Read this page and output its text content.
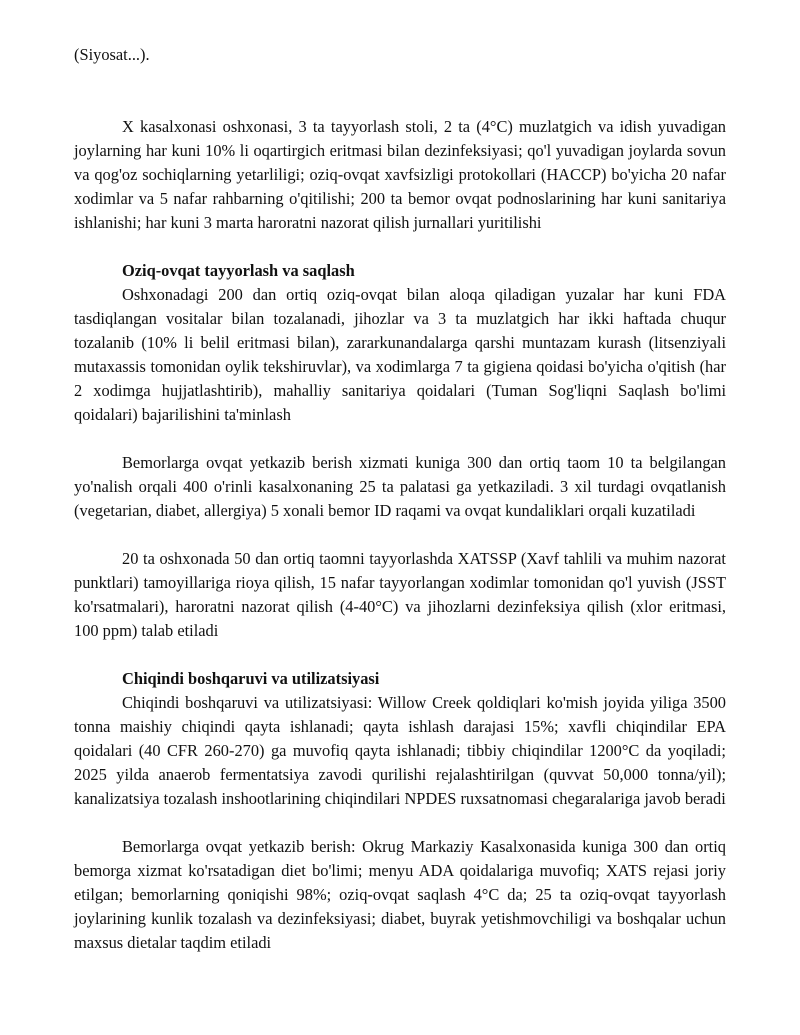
(Siyosat...).

X kasalxonasi oshxonasi, 3 ta tayyorlash stoli, 2 ta (4°C) muzlatgich va idish yuvadigan joylarning har kuni 10% li oqartirgich eritmasi bilan dezinfeksiyasi; qo'l yuvadigan joylarda sovun va qog'oz sochiqlarning yetarliligi; oziq-ovqat xavfsizligi protokollari (HACCP) bo'yicha 20 nafar xodimlar va 5 nafar rahbarning o'qitilishi; 200 ta bemor ovqat podnoslarining har kuni sanitariya ishlanishi; har kuni 3 marta haroratni nazorat qilish jurnallari yuritilishi

Oziq-ovqat tayyorlash va saqlash

Oshxonadagi 200 dan ortiq oziq-ovqat bilan aloqa qiladigan yuzalar har kuni FDA tasdiqlangan vositalar bilan tozalanadi, jihozlar va 3 ta muzlatgich har ikki haftada chuqur tozalanib (10% li belil eritmasi bilan), zararkunandalarga qarshi muntazam kurash (litsenziyali mutaxassis tomonidan oylik tekshiruvlar), va xodimlarga 7 ta gigiena qoidasi bo'yicha o'qitish (har 2 xodimga hujjatlashtirib), mahalliy sanitariya qoidalari (Tuman Sog'liqni Saqlash bo'limi qoidalari) bajarilishini ta'minlash

Bemorlarga ovqat yetkazib berish xizmati kuniga 300 dan ortiq taom 10 ta belgilangan yo'nalish orqali 400 o'rinli kasalxonaning 25 ta palatasi ga yetkaziladi. 3 xil turdagi ovqatlanish (vegetarian, diabet, allergiya) 5 xonali bemor ID raqami va ovqat kundaliklari orqali kuzatiladi

20 ta oshxonada 50 dan ortiq taomni tayyorlashda XATSSP (Xavf tahlili va muhim nazorat punktlari) tamoyillariga rioya qilish, 15 nafar tayyorlangan xodimlar tomonidan qo'l yuvish (JSST ko'rsatmalari), haroratni nazorat qilish (4-40°C) va jihozlarni dezinfeksiya qilish (xlor eritmasi, 100 ppm) talab etiladi

Chiqindi boshqaruvi va utilizatsiyasi

Chiqindi boshqaruvi va utilizatsiyasi: Willow Creek qoldiqlari ko'mish joyida yiliga 3500 tonna maishiy chiqindi qayta ishlanadi; qayta ishlash darajasi 15%; xavfli chiqindilar EPA qoidalari (40 CFR 260-270) ga muvofiq qayta ishlanadi; tibbiy chiqindilar 1200°C da yoqiladi; 2025 yilda anaerob fermentatsiya zavodi qurilishi rejalashtirilgan (quvvat 50,000 tonna/yil); kanalizatsiya tozalash inshootlarining chiqindilari NPDES ruxsatnomasi chegaralariga javob beradi

Bemorlarga ovqat yetkazib berish: Okrug Markaziy Kasalxonasida kuniga 300 dan ortiq bemorga xizmat ko'rsatadigan diet bo'limi; menyu ADA qoidalariga muvofiq; XATS rejasi joriy etilgan; bemorlarning qoniqishi 98%; oziq-ovqat saqlash 4°C da; 25 ta oziq-ovqat tayyorlash joylarining kunlik tozalash va dezinfeksiyasi; diabet, buyrak yetishmovchiligi va boshqalar uchun maxsus dietalar taqdim etiladi
